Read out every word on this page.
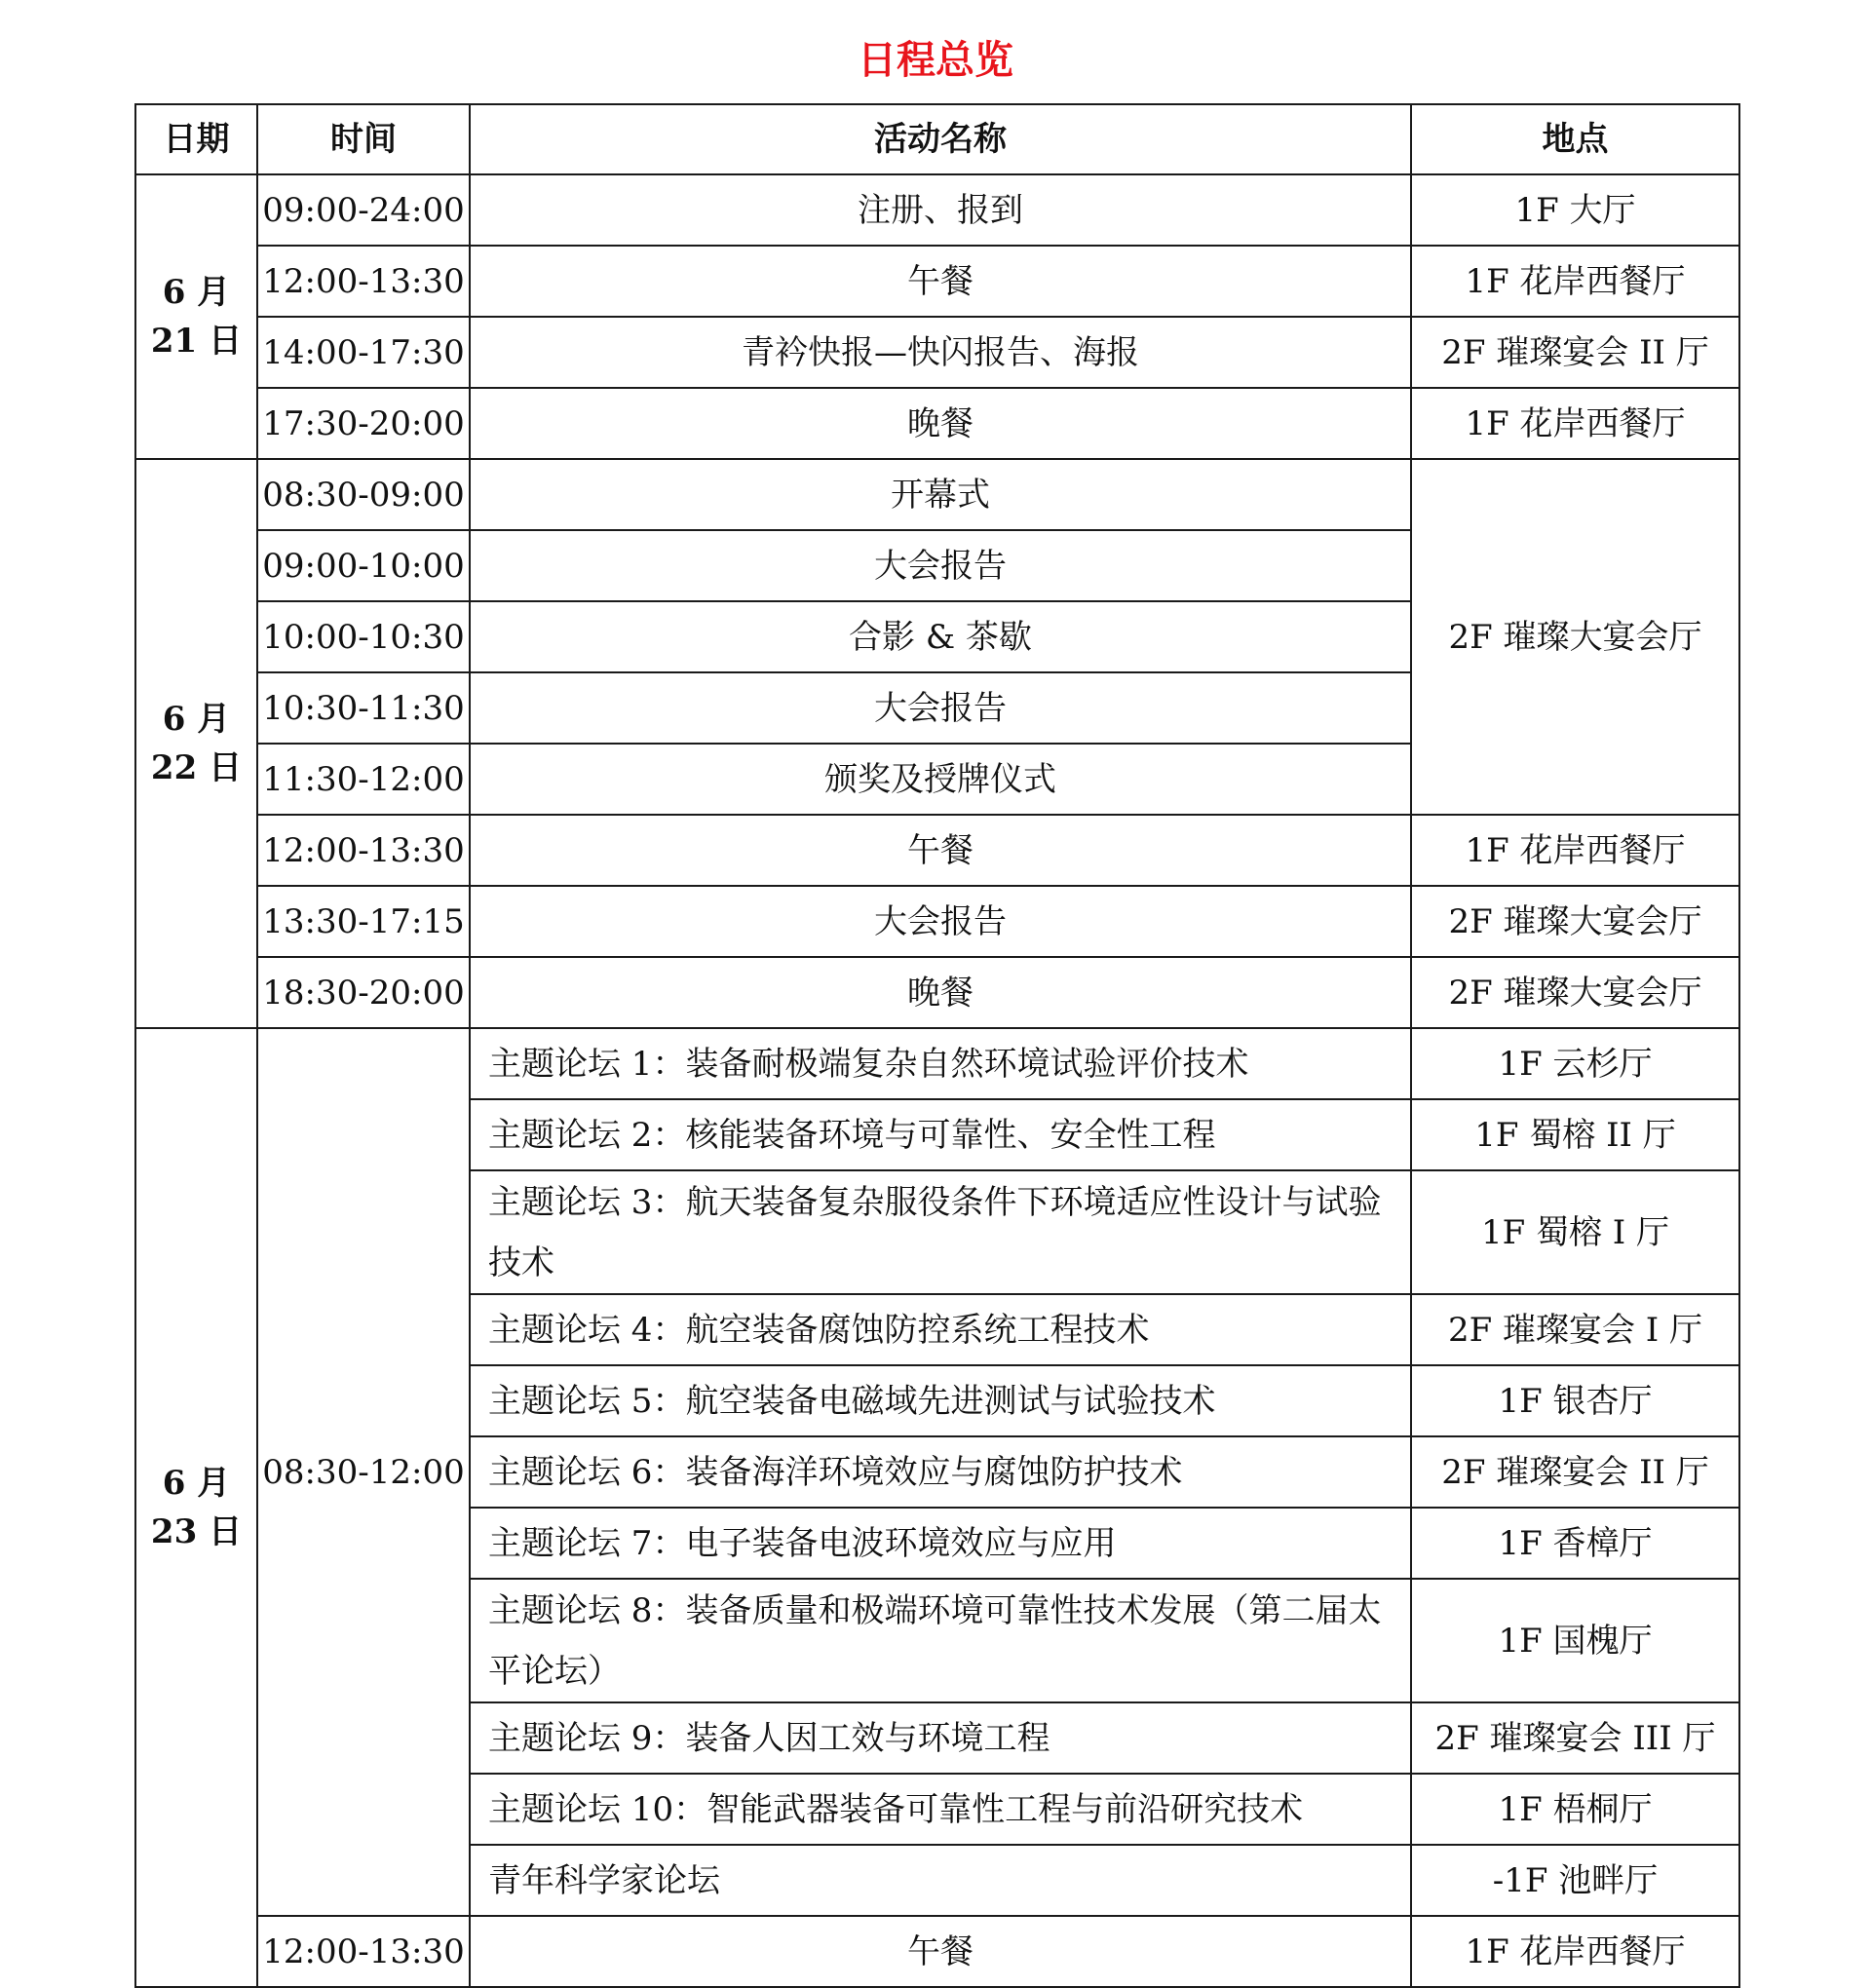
日程总览
日期	时间	活动名称	地点
6 月
21 日	09:00-24:00	注册、报到	1F 大厅
	12:00-13:30	午餐	1F 花岸西餐厅
	14:00-17:30	青衿快报—快闪报告、海报	2F 璀璨宴会 II 厅
	17:30-20:00	晚餐	1F 花岸西餐厅
6 月
22 日	08:30-09:00	开幕式	2F 璀璨大宴会厅
	09:00-10:00	大会报告	
	10:00-10:30	合影 & 茶歇	
	10:30-11:30	大会报告	
	11:30-12:00	颁奖及授牌仪式	
	12:00-13:30	午餐	1F 花岸西餐厅
	13:30-17:15	大会报告	2F 璀璨大宴会厅
	18:30-20:00	晚餐	2F 璀璨大宴会厅
6 月
23 日	08:30-12:00	主题论坛 1：装备耐极端复杂自然环境试验评价技术	1F 云杉厅
		主题论坛 2：核能装备环境与可靠性、安全性工程	1F 蜀榕 II 厅
		主题论坛 3：航天装备复杂服役条件下环境适应性设计与试验技术	1F 蜀榕 I 厅
		主题论坛 4：航空装备腐蚀防控系统工程技术	2F 璀璨宴会 I 厅
		主题论坛 5：航空装备电磁域先进测试与试验技术	1F 银杏厅
		主题论坛 6：装备海洋环境效应与腐蚀防护技术	2F 璀璨宴会 II 厅
		主题论坛 7：电子装备电波环境效应与应用	1F 香樟厅
		主题论坛 8：装备质量和极端环境可靠性技术发展（第二届太平论坛）	1F 国槐厅
		主题论坛 9：装备人因工效与环境工程	2F 璀璨宴会 III 厅
		主题论坛 10：智能武器装备可靠性工程与前沿研究技术	1F 梧桐厅
		青年科学家论坛	-1F 池畔厅
	12:00-13:30	午餐	1F 花岸西餐厅
